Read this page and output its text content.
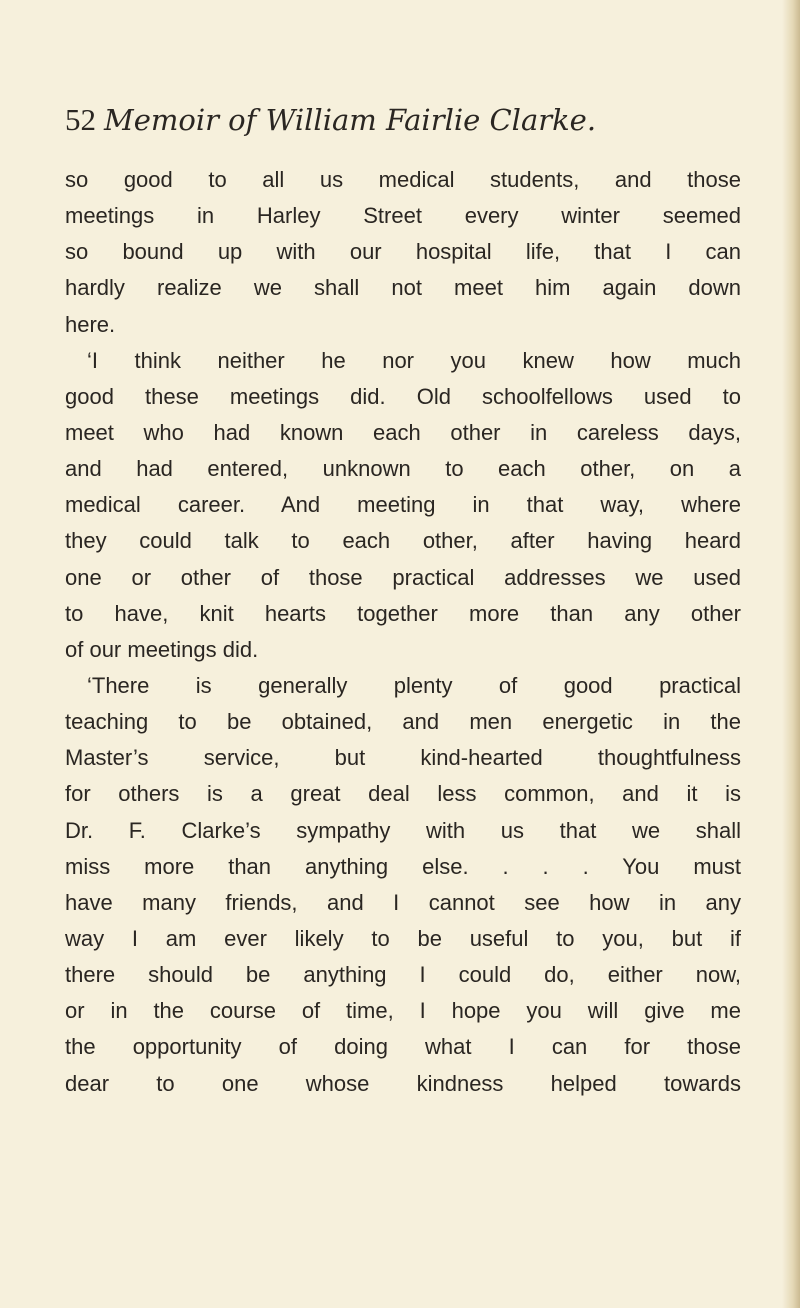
52 Memoir of William Fairlie Clarke.
so good to all us medical students, and those
meetings in Harley Street every winter seemed
so bound up with our hospital life, that I can
hardly realize we shall not meet him again down
here.
‘I think neither he nor you knew how much
good these meetings did. Old schoolfellows used to
meet who had known each other in careless days,
and had entered, unknown to each other, on a
medical career. And meeting in that way, where
they could talk to each other, after having heard
one or other of those practical addresses we used
to have, knit hearts together more than any other
of our meetings did.
‘There is generally plenty of good practical
teaching to be obtained, and men energetic in the
Master’s service, but kind-hearted thoughtfulness
for others is a great deal less common, and it is
Dr. F. Clarke’s sympathy with us that we shall
miss more than anything else. . . . You must
have many friends, and I cannot see how in any
way I am ever likely to be useful to you, but if
there should be anything I could do, either now,
or in the course of time, I hope you will give me
the opportunity of doing what I can for those
dear to one whose kindness helped towards
